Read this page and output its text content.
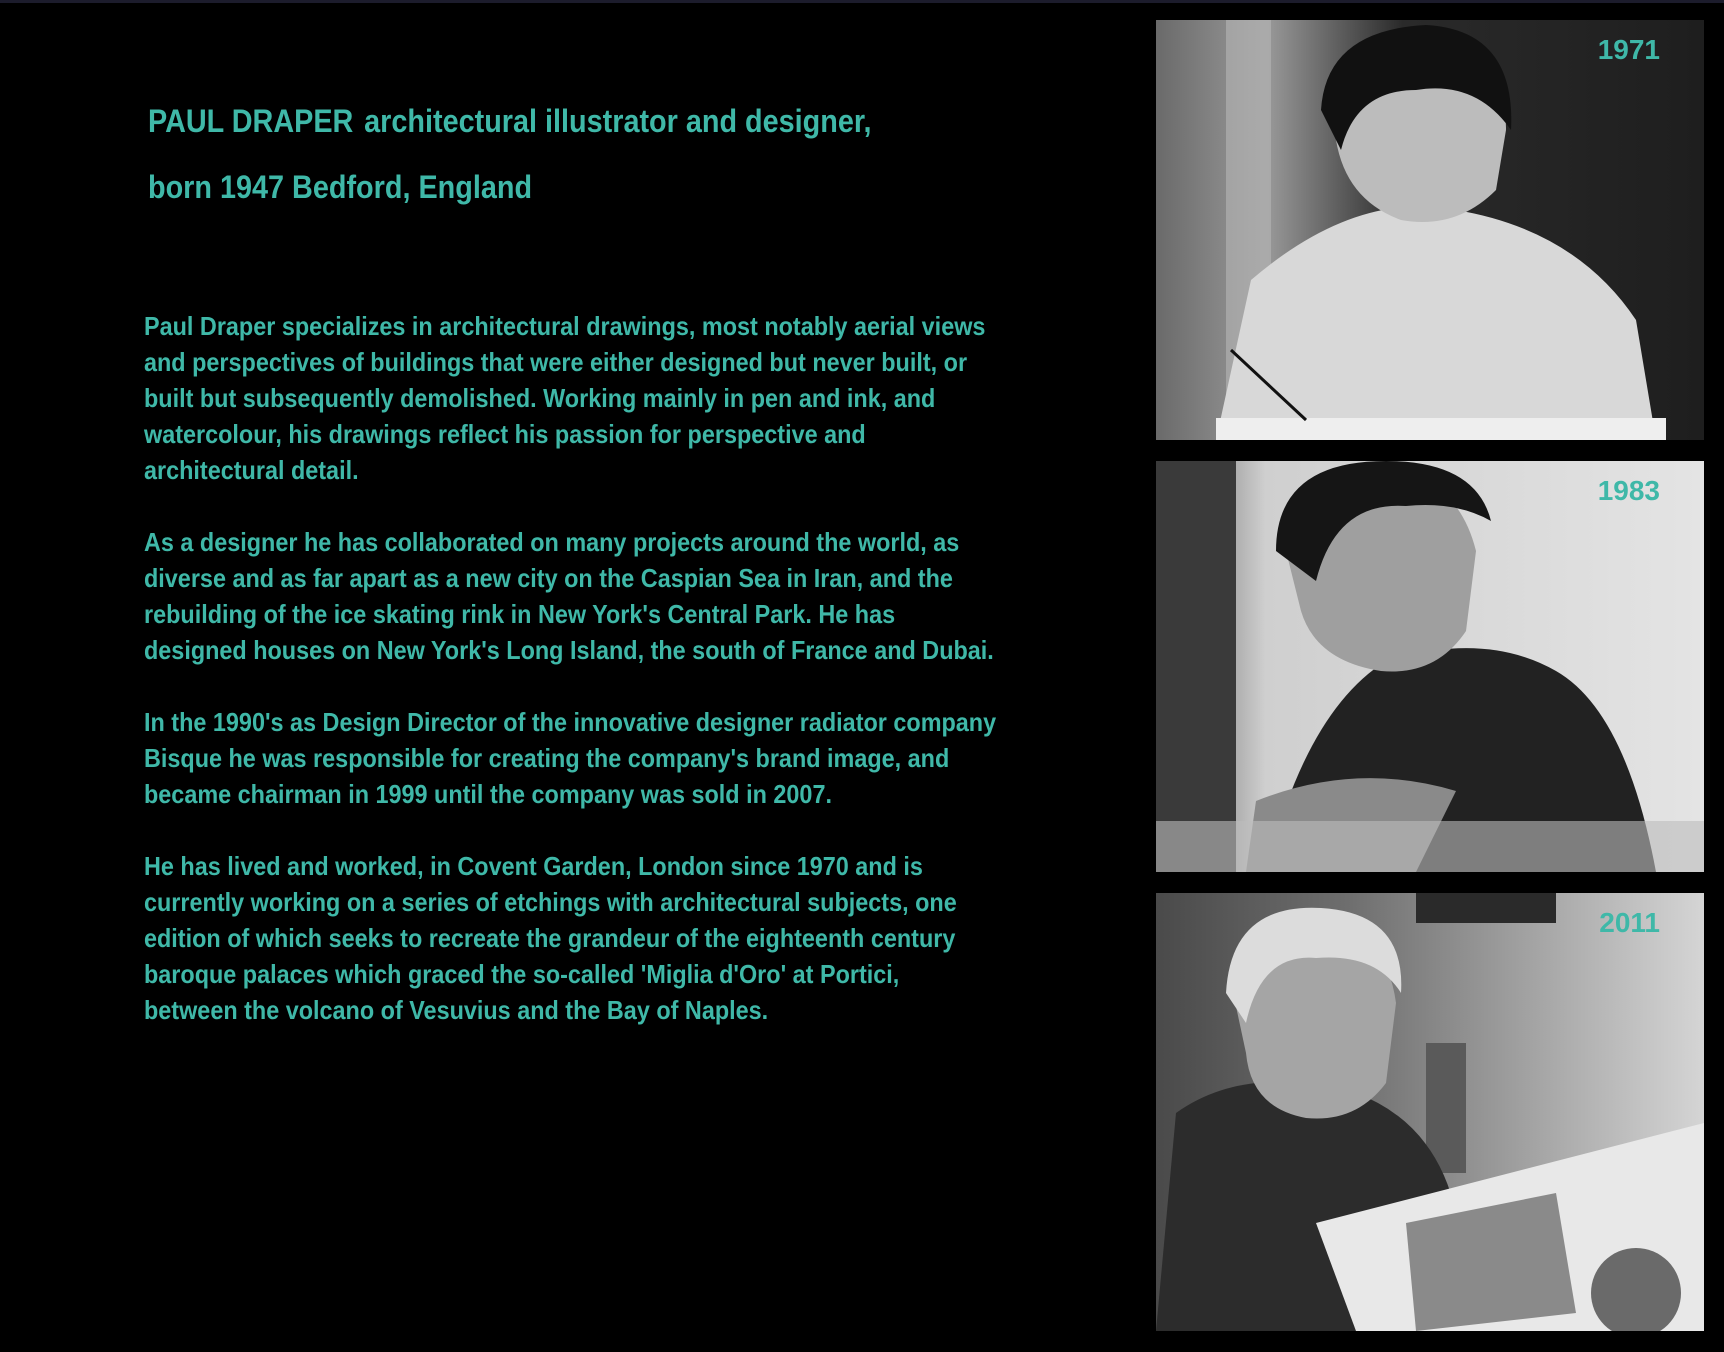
PAUL DRAPER architectural illustrator and designer,
born 1947 Bedford, England

Paul Draper specializes in architectural drawings, most notably aerial views and perspectives of buildings that were either designed but never built, or built but subsequently demolished. Working mainly in pen and ink, and watercolour, his drawings reflect his passion for perspective and architectural detail.

As a designer he has collaborated on many projects around the world, as diverse and as far apart as a new city on the Caspian Sea in Iran, and the rebuilding of the ice skating rink in New York's Central Park. He has designed houses on New York's Long Island, the south of France and Dubai.

In the 1990's as Design Director of the innovative designer radiator company Bisque he was responsible for creating the company's brand image, and became chairman in 1999 until the company was sold in 2007.

He has lived and worked, in Covent Garden, London since 1970 and is currently working on a series of etchings with architectural subjects, one edition of which seeks to recreate the grandeur of the eighteenth century baroque palaces which graced the so-called 'Miglia d'Oro' at Portici, between the volcano of Vesuvius and the Bay of Naples.

1971
1983
2011
